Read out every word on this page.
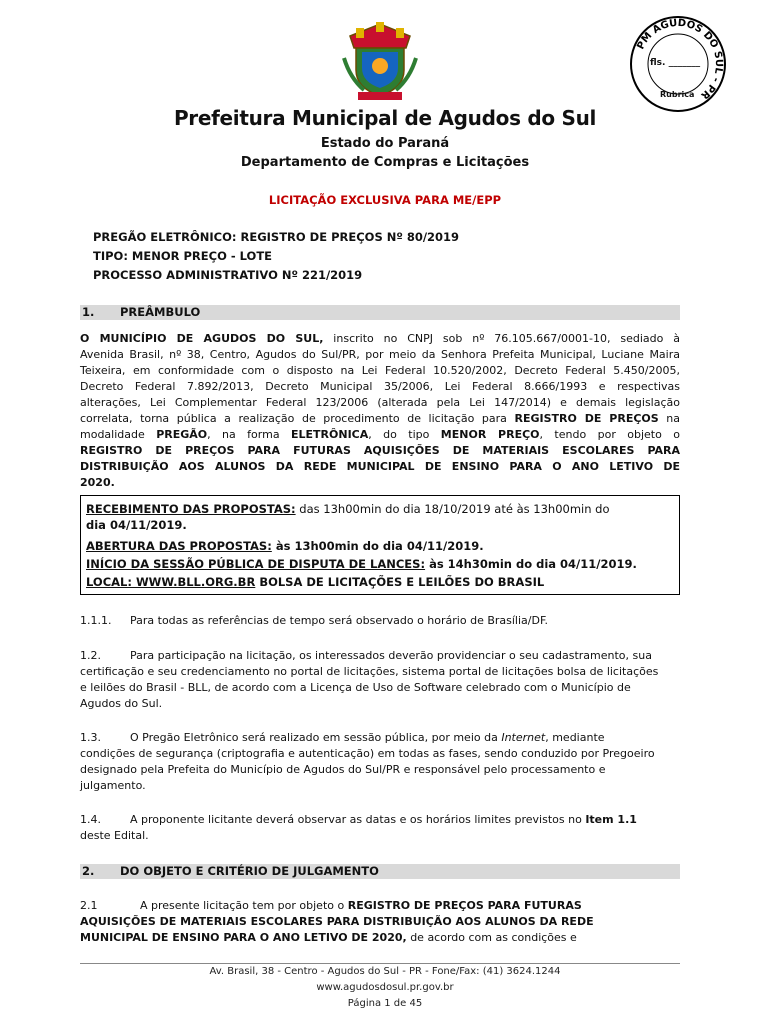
PM AGUDOS DO SUL - PR
fls. _______
Rubrica
Prefeitura Municipal de Agudos do Sul
Estado do Paraná
Departamento de Compras e Licitações
LICITAÇÃO EXCLUSIVA PARA ME/EPP
PREGÃO ELETRÔNICO: REGISTRO DE PREÇOS Nº 80/2019
TIPO: MENOR PREÇO - LOTE
PROCESSO ADMINISTRATIVO Nº 221/2019
1. PREÂMBULO
O MUNICÍPIO DE AGUDOS DO SUL, inscrito no CNPJ sob nº 76.105.667/0001-10, sediado à
Avenida Brasil, nº 38, Centro, Agudos do Sul/PR, por meio da Senhora Prefeita Municipal, Luciane Maira
Teixeira, em conformidade com o disposto na Lei Federal 10.520/2002, Decreto Federal 5.450/2005,
Decreto Federal 7.892/2013, Decreto Municipal 35/2006, Lei Federal 8.666/1993 e respectivas
alterações, Lei Complementar Federal 123/2006 (alterada pela Lei 147/2014) e demais legislação
correlata, torna pública a realização de procedimento de licitação para REGISTRO DE PREÇOS na
modalidade PREGÃO, na forma ELETRÔNICA, do tipo MENOR PREÇO, tendo por objeto o
REGISTRO DE PREÇOS PARA FUTURAS AQUISIÇÕES DE MATERIAIS ESCOLARES PARA
DISTRIBUIÇÃO AOS ALUNOS DA REDE MUNICIPAL DE ENSINO PARA O ANO LETIVO DE
2020.
RECEBIMENTO DAS PROPOSTAS: das 13h00min do dia 18/10/2019 até às 13h00min do
dia 04/11/2019.
ABERTURA DAS PROPOSTAS: às 13h00min do dia 04/11/2019.
INÍCIO DA SESSÃO PÚBLICA DE DISPUTA DE LANCES: às 14h30min do dia 04/11/2019.
LOCAL: WWW.BLL.ORG.BR BOLSA DE LICITAÇÕES E LEILÕES DO BRASIL
1.1.1. Para todas as referências de tempo será observado o horário de Brasília/DF.
1.2.	Para participação na licitação, os interessados deverão providenciar o seu cadastramento, sua
certificação e seu credenciamento no portal de licitações, sistema portal de licitações bolsa de licitações
e leilões do Brasil - BLL, de acordo com a Licença de Uso de Software celebrado com o Município de
Agudos do Sul.
1.3.	O Pregão Eletrônico será realizado em sessão pública, por meio da Internet, mediante
condições de segurança (criptografia e autenticação) em todas as fases, sendo conduzido por Pregoeiro
designado pela Prefeita do Município de Agudos do Sul/PR e responsável pelo processamento e
julgamento.
1.4.	A proponente licitante deverá observar as datas e os horários limites previstos no Item 1.1
deste Edital.
2. DO OBJETO E CRITÉRIO DE JULGAMENTO
2.1	A presente licitação tem por objeto o REGISTRO DE PREÇOS PARA FUTURAS
AQUISIÇÕES DE MATERIAIS ESCOLARES PARA DISTRIBUIÇÃO AOS ALUNOS DA REDE
MUNICIPAL DE ENSINO PARA O ANO LETIVO DE 2020, de acordo com as condições e
Av. Brasil, 38 - Centro - Agudos do Sul - PR - Fone/Fax: (41) 3624.1244
www.agudosdosul.pr.gov.br
Página 1 de 45
